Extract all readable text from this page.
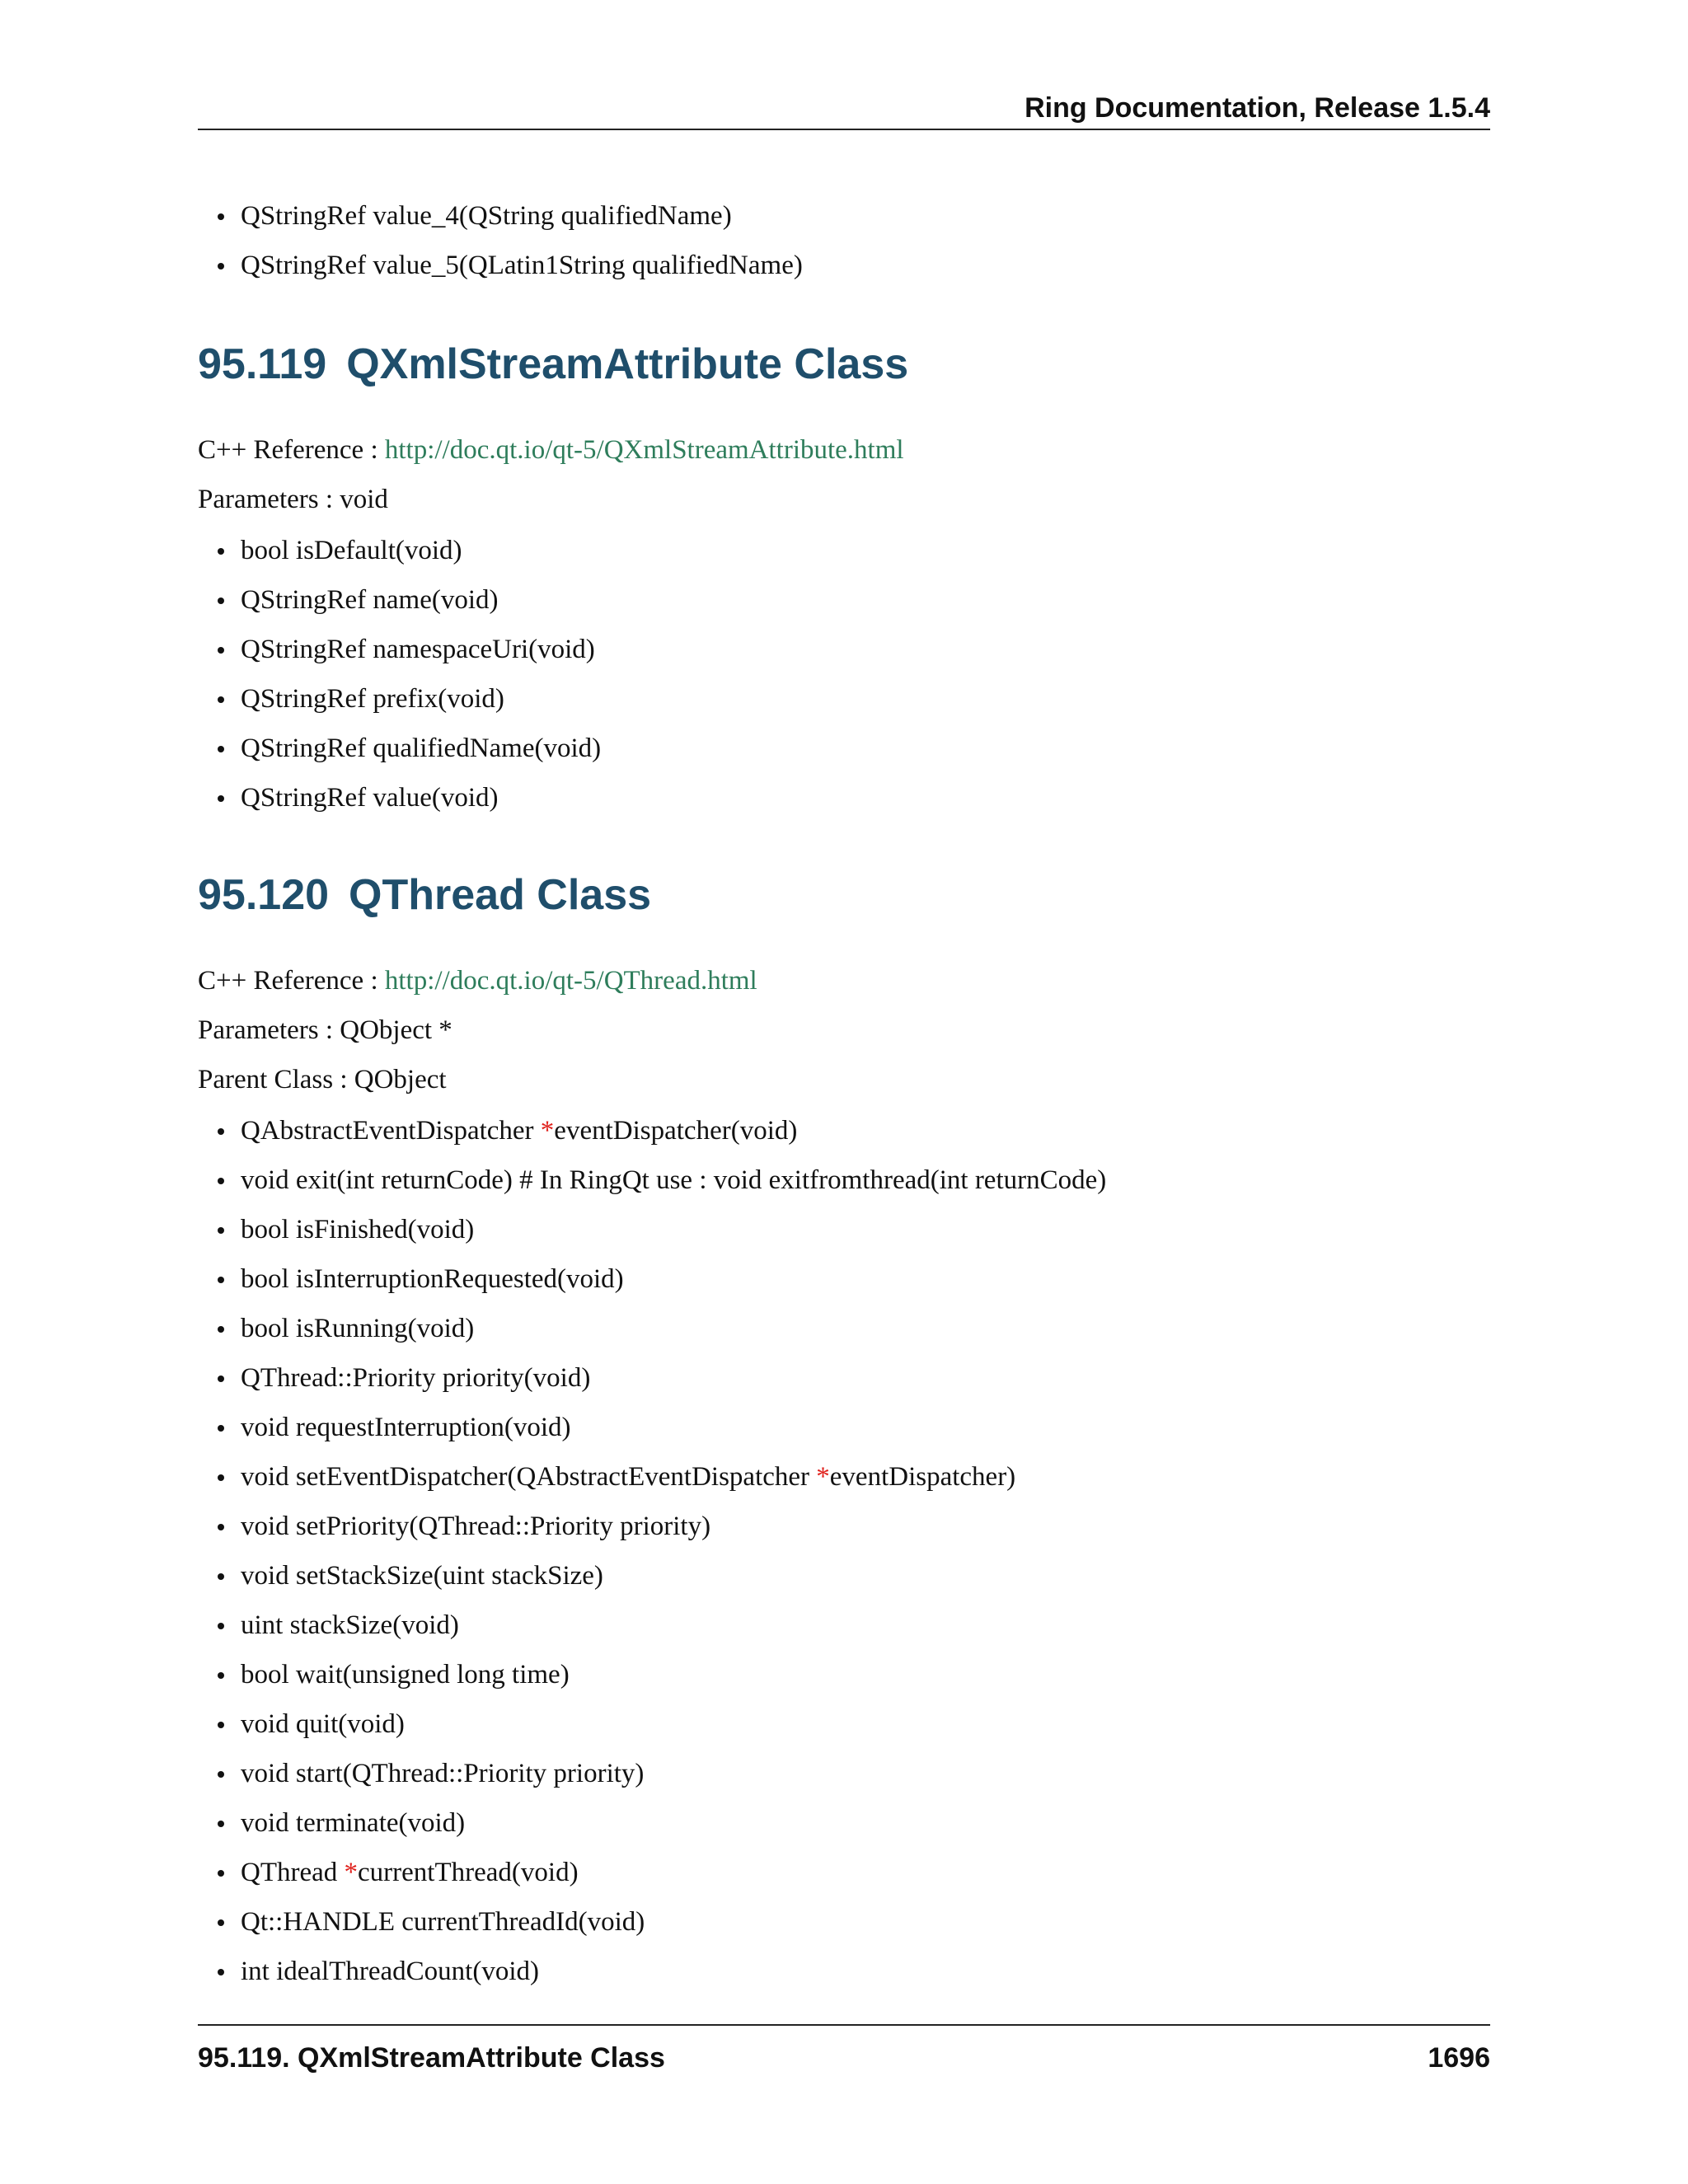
Ring Documentation, Release 1.5.4
QStringRef value_4(QString qualifiedName)
QStringRef value_5(QLatin1String qualifiedName)
95.119 QXmlStreamAttribute Class
C++ Reference : http://doc.qt.io/qt-5/QXmlStreamAttribute.html
Parameters : void
bool isDefault(void)
QStringRef name(void)
QStringRef namespaceUri(void)
QStringRef prefix(void)
QStringRef qualifiedName(void)
QStringRef value(void)
95.120 QThread Class
C++ Reference : http://doc.qt.io/qt-5/QThread.html
Parameters : QObject *
Parent Class : QObject
QAbstractEventDispatcher *eventDispatcher(void)
void exit(int returnCode) # In RingQt use : void exitfromthread(int returnCode)
bool isFinished(void)
bool isInterruptionRequested(void)
bool isRunning(void)
QThread::Priority priority(void)
void requestInterruption(void)
void setEventDispatcher(QAbstractEventDispatcher *eventDispatcher)
void setPriority(QThread::Priority priority)
void setStackSize(uint stackSize)
uint stackSize(void)
bool wait(unsigned long time)
void quit(void)
void start(QThread::Priority priority)
void terminate(void)
QThread *currentThread(void)
Qt::HANDLE currentThreadId(void)
int idealThreadCount(void)
95.119. QXmlStreamAttribute Class	1696
